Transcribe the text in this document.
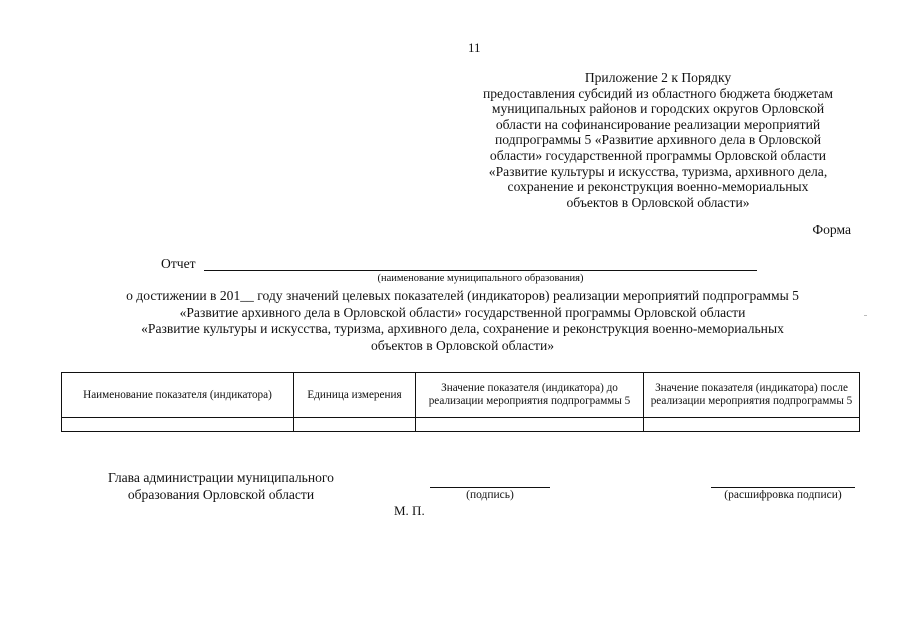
11
Приложение 2 к Порядку
предоставления субсидий из областного бюджета бюджетам
муниципальных районов и городских округов Орловской
области на софинансирование реализации мероприятий
подпрограммы 5 «Развитие архивного дела в Орловской
области» государственной программы Орловской области
«Развитие культуры и искусства, туризма, архивного дела,
сохранение и реконструкция военно-мемориальных
объектов в Орловской области»
Форма
Отчет
(наименование муниципального образования)
о достижении в 201__ году значений целевых показателей (индикаторов) реализации мероприятий подпрограммы 5
«Развитие архивного дела в Орловской области» государственной программы Орловской области
«Развитие культуры и искусства, туризма, архивного дела, сохранение и реконструкция военно-мемориальных
объектов в Орловской области»
Наименование показателя (индикатора)	Единица измерения	Значение показателя (индикатора) до реализации мероприятия подпрограммы 5	Значение показателя (индикатора) после реализации мероприятия подпрограммы 5

Глава администрации муниципального
образования Орловской области	(подпись)	(расшифровка подписи)
М. П.
